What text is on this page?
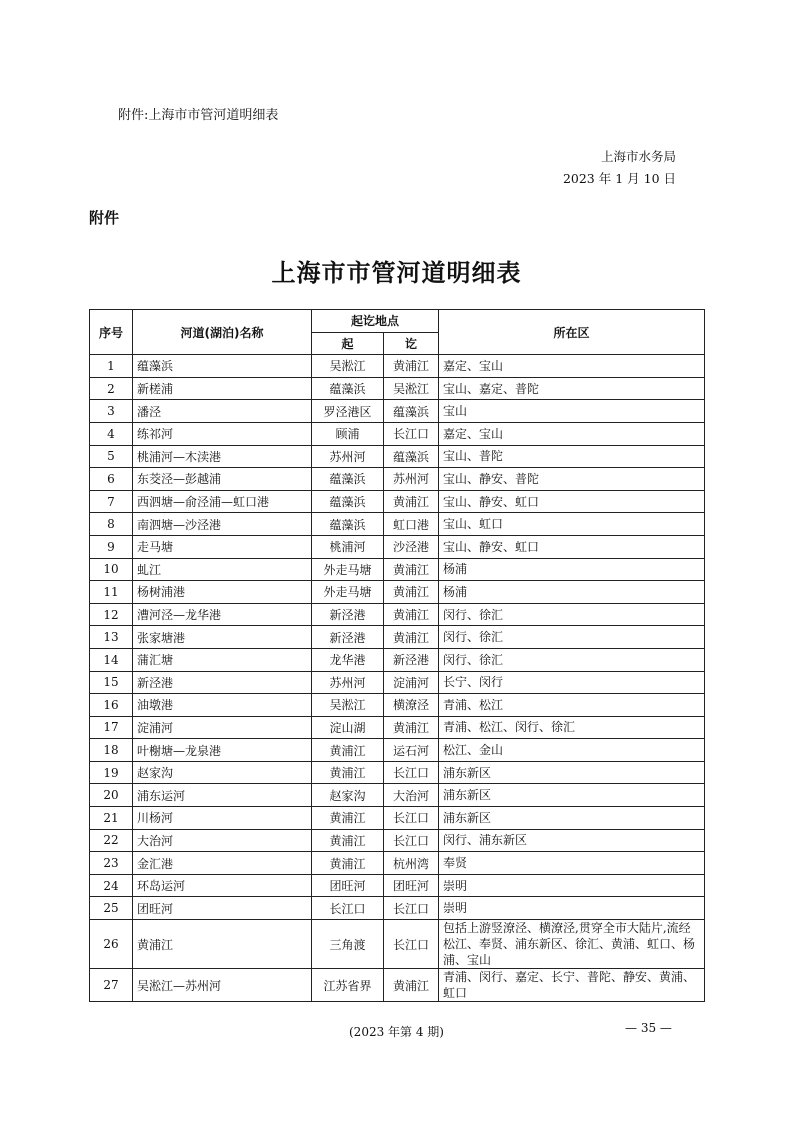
附件:上海市市管河道明细表
上海市水务局
2023 年 1 月 10 日
附件
上海市市管河道明细表
序号	河道(湖泊)名称	起讫地点		所在区
		起	讫	
1	蕴藻浜	吴淞江	黄浦江	嘉定、宝山
2	新槎浦	蕴藻浜	吴淞江	宝山、嘉定、普陀
3	潘泾	罗泾港区	蕴藻浜	宝山
4	练祁河	顾浦	长江口	嘉定、宝山
5	桃浦河—木渎港	苏州河	蕴藻浜	宝山、普陀
6	东茭泾—彭越浦	蕴藻浜	苏州河	宝山、静安、普陀
7	西泗塘—俞泾浦—虹口港	蕴藻浜	黄浦江	宝山、静安、虹口
8	南泗塘—沙泾港	蕴藻浜	虹口港	宝山、虹口
9	走马塘	桃浦河	沙泾港	宝山、静安、虹口
10	虬江	外走马塘	黄浦江	杨浦
11	杨树浦港	外走马塘	黄浦江	杨浦
12	漕河泾—龙华港	新泾港	黄浦江	闵行、徐汇
13	张家塘港	新泾港	黄浦江	闵行、徐汇
14	蒲汇塘	龙华港	新泾港	闵行、徐汇
15	新泾港	苏州河	淀浦河	长宁、闵行
16	油墩港	吴淞江	横潦泾	青浦、松江
17	淀浦河	淀山湖	黄浦江	青浦、松江、闵行、徐汇
18	叶榭塘—龙泉港	黄浦江	运石河	松江、金山
19	赵家沟	黄浦江	长江口	浦东新区
20	浦东运河	赵家沟	大治河	浦东新区
21	川杨河	黄浦江	长江口	浦东新区
22	大治河	黄浦江	长江口	闵行、浦东新区
23	金汇港	黄浦江	杭州湾	奉贤
24	环岛运河	团旺河	团旺河	崇明
25	团旺河	长江口	长江口	崇明
26	黄浦江	三角渡	长江口	包括上游竖潦泾、横潦泾,贯穿全市大陆片,流经松江、奉贤、浦东新区、徐汇、黄浦、虹口、杨浦、宝山
27	吴淞江—苏州河	江苏省界	黄浦江	青浦、闵行、嘉定、长宁、普陀、静安、黄浦、虹口
(2023 年第 4 期)	— 35 —
